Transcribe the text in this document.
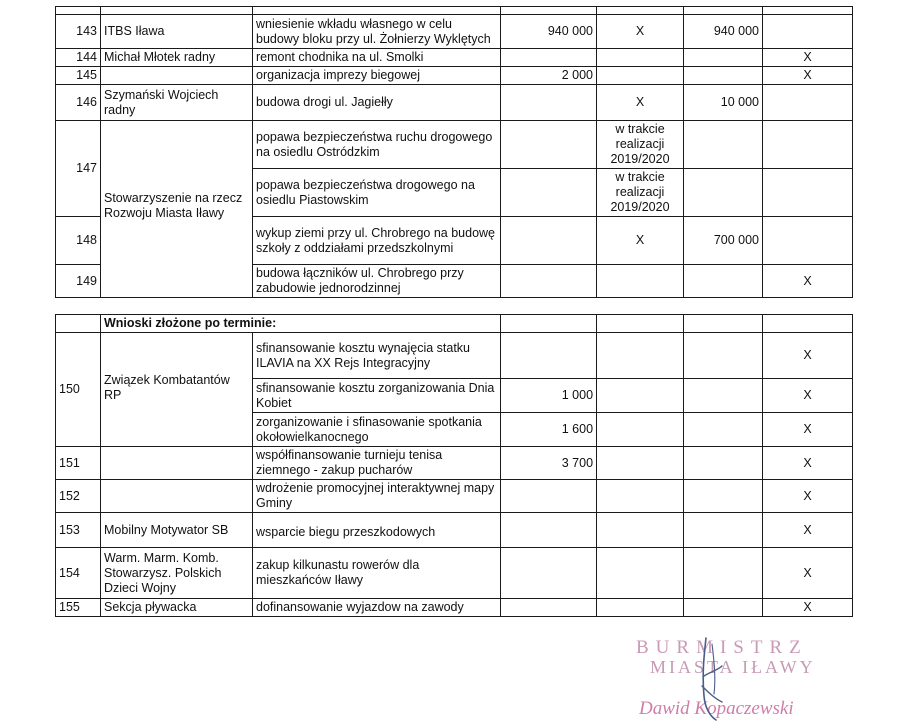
143	ITBS Iława	wniesienie wkładu własnego w celu budowy bloku przy ul. Żołnierzy Wyklętych	940 000	X	940 000	
144	Michał Młotek radny	remont chodnika na ul. Smolki				X
145		organizacja imprezy biegowej	2 000			X
146	Szymański Wojciech radny	budowa drogi ul. Jagiełły		X	10 000	
147	Stowarzyszenie na rzecz Rozwoju Miasta Iławy	popawa bezpieczeństwa ruchu drogowego na osiedlu Ostródzkim		w trakcie realizacji 2019/2020		
		popawa bezpieczeństwa drogowego na osiedlu Piastowskim		w trakcie realizacji 2019/2020		
148		wykup ziemi przy ul. Chrobrego na budowę szkoły z oddziałami przedszkolnymi		X	700 000	
149		budowa łączników ul. Chrobrego przy zabudowie jednorodzinnej				X
	Wnioski złożone po terminie:					
150	Związek Kombatantów RP	sfinansowanie kosztu wynajęcia statku ILAVIA na XX Rejs Integracyjny				X
		sfinansowanie kosztu zorganizowania Dnia Kobiet	1 000			X
		zorganizowanie i sfinasowanie spotkania okołowielkanocnego	1 600			X
151		współfinansowanie turnieju tenisa ziemnego - zakup pucharów	3 700			X
152		wdrożenie promocyjnej interaktywnej mapy Gminy				X
153	Mobilny Motywator SB	wsparcie biegu przeszkodowych				X
154	Warm. Marm. Komb. Stowarzysz. Polskich Dzieci Wojny	zakup kilkunastu rowerów dla mieszkańców Iławy				X
155	Sekcja pływacka	dofinansowanie wyjazdow na zawody				X
BURMISTRZ
MIASTA IŁAWY
Dawid Kopaczewski
